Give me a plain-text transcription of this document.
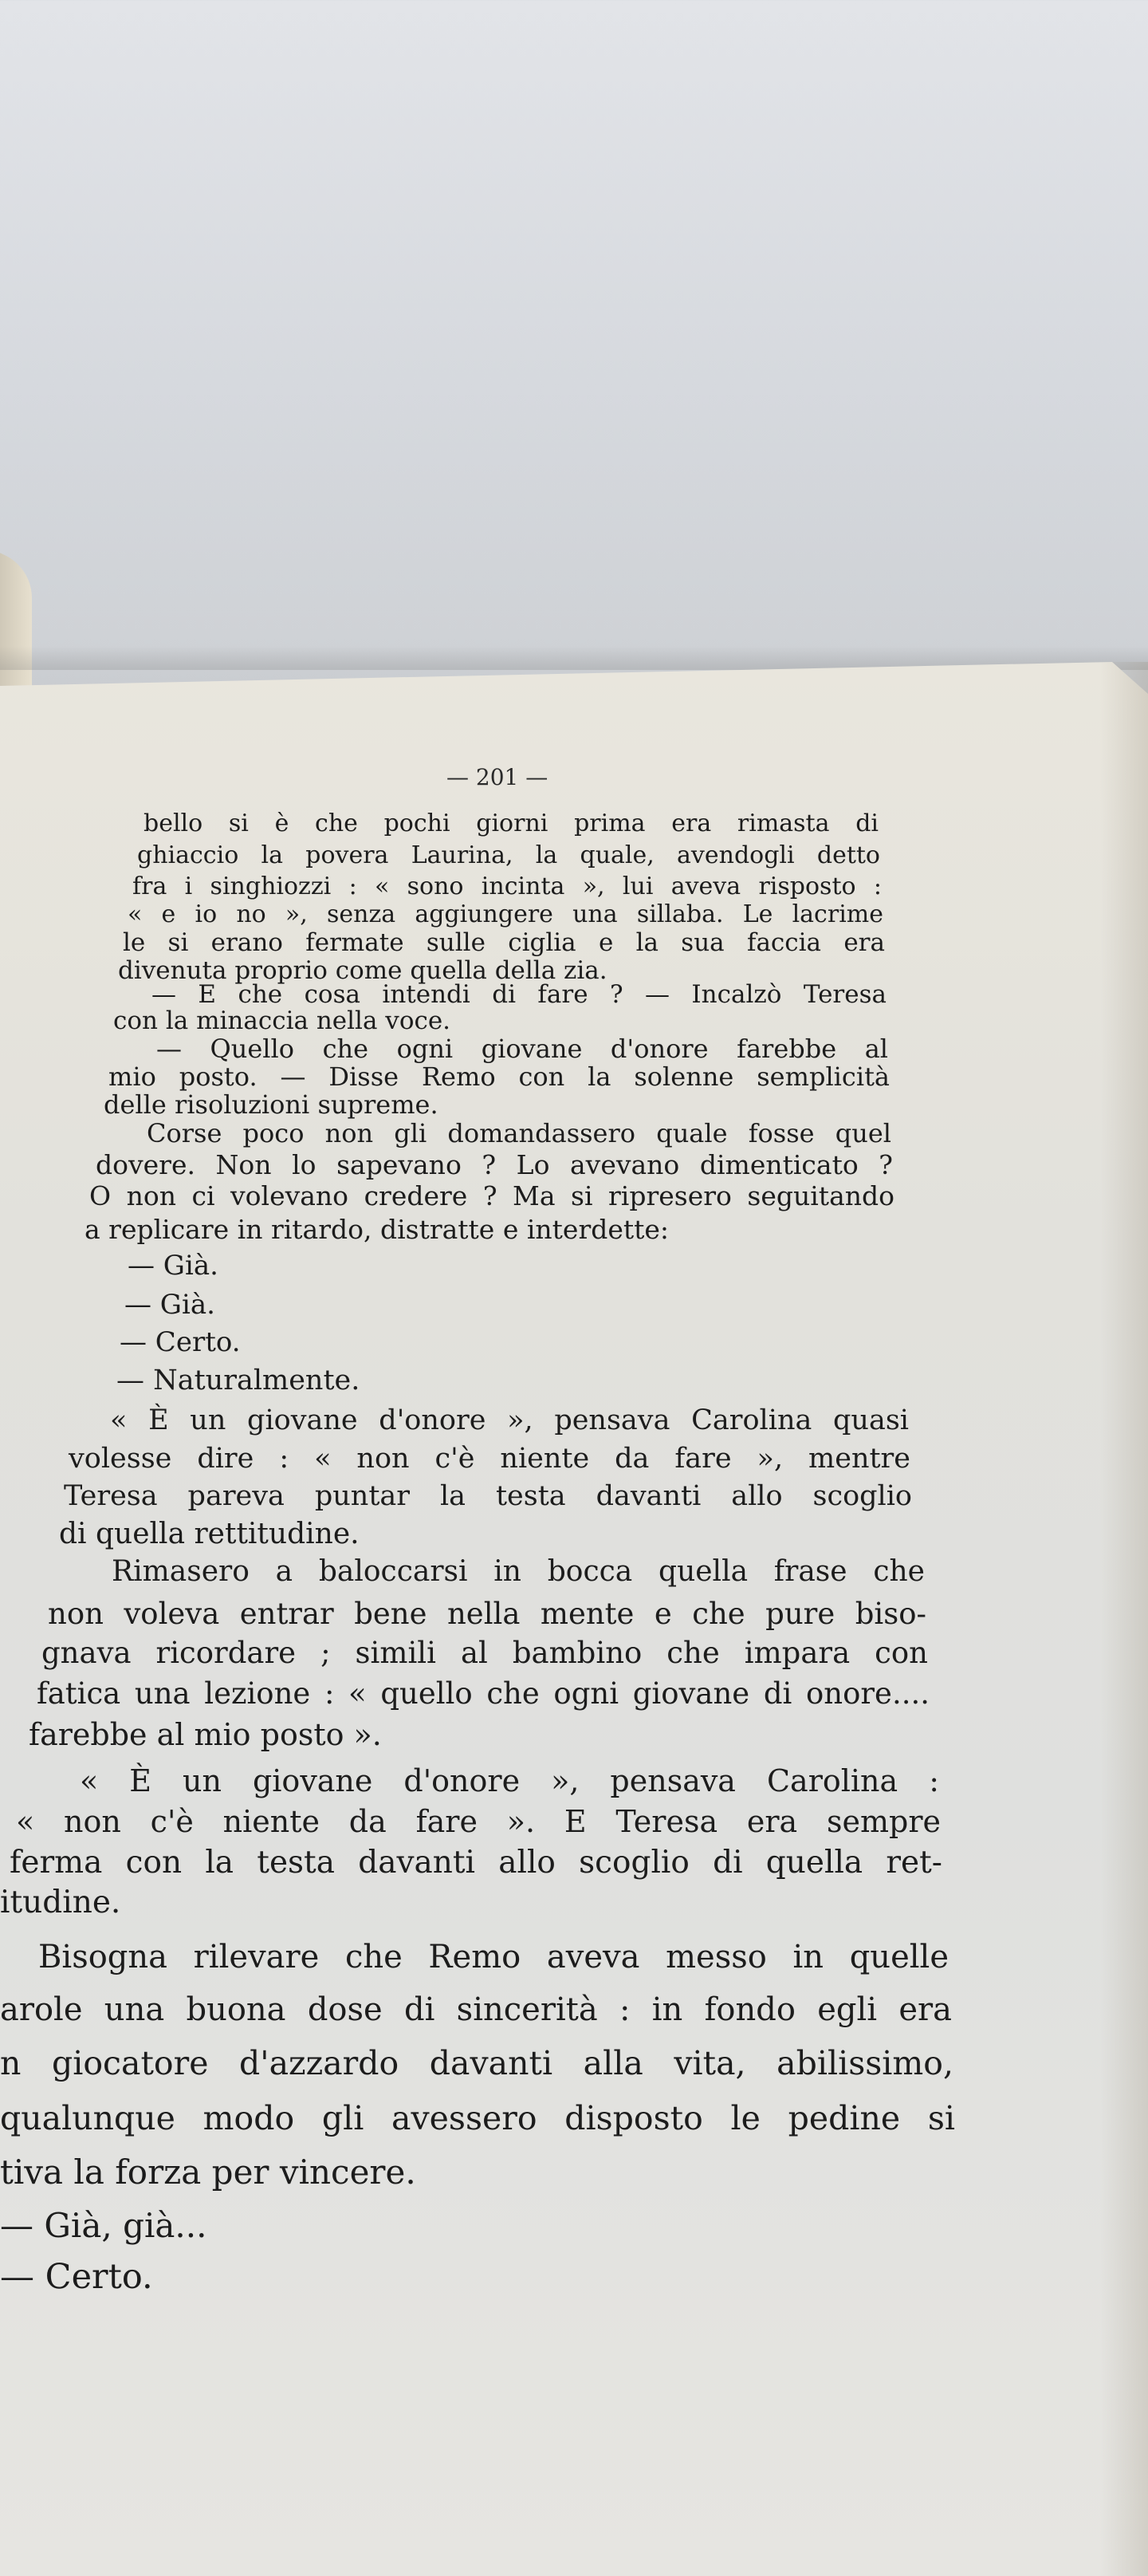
— 201 —
bello si è che pochi giorni prima era rimasta di
ghiaccio la povera Laurina, la quale, avendogli detto
fra i singhiozzi : « sono incinta », lui aveva risposto :
« e io no », senza aggiungere una sillaba. Le lacrime
le si erano fermate sulle ciglia e la sua faccia era
divenuta proprio come quella della zia.
— E che cosa intendi di fare ? — Incalzò Teresa
con la minaccia nella voce.
— Quello che ogni giovane d'onore farebbe al
mio posto. — Disse Remo con la solenne semplicità
delle risoluzioni supreme.
Corse poco non gli domandassero quale fosse quel
dovere. Non lo sapevano ? Lo avevano dimenticato ?
O non ci volevano credere ? Ma si ripresero seguitando
a replicare in ritardo, distratte e interdette:
— Già.
— Già.
— Certo.
— Naturalmente.
« È un giovane d'onore », pensava Carolina quasi
volesse dire : « non c'è niente da fare », mentre
Teresa pareva puntar la testa davanti allo scoglio
di quella rettitudine.
Rimasero a baloccarsi in bocca quella frase che
non voleva entrar bene nella mente e che pure biso-
gnava ricordare ; simili al bambino che impara con
fatica una lezione : « quello che ogni giovane di onore....
farebbe al mio posto ».
« È un giovane d'onore », pensava Carolina :
« non c'è niente da fare ». E Teresa era sempre
ferma con la testa davanti allo scoglio di quella ret-
itudine.
Bisogna rilevare che Remo aveva messo in quelle
arole una buona dose di sincerità : in fondo egli era
n giocatore d'azzardo davanti alla vita, abilissimo,
qualunque modo gli avessero disposto le pedine si
tiva la forza per vincere.
— Già, già...
— Certo.
